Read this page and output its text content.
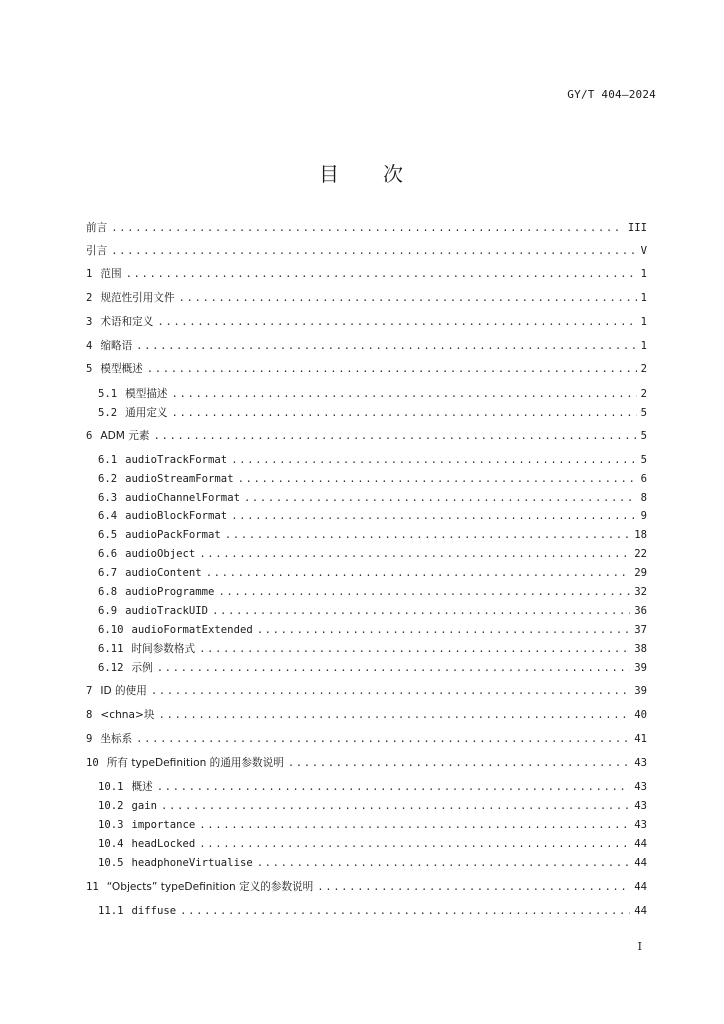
GY/T 404—2024
目 次
前言 .....	III
引言 .....	V
1 范围 .....	1
2 规范性引用文件 .....	1
3 术语和定义 .....	1
4 缩略语 .....	1
5 模型概述 .....	2
5.1 模型描述 .....	2
5.2 通用定义 .....	5
6 ADM 元素 .....	5
6.1 audioTrackFormat .....	5
6.2 audioStreamFormat .....	6
6.3 audioChannelFormat .....	8
6.4 audioBlockFormat .....	9
6.5 audioPackFormat .....	18
6.6 audioObject .....	22
6.7 audioContent .....	29
6.8 audioProgramme .....	32
6.9 audioTrackUID .....	36
6.10 audioFormatExtended .....	37
6.11 时间参数格式 .....	38
6.12 示例 .....	39
7 ID 的使用 .....	39
8 <chna>块 .....	40
9 坐标系 .....	41
10 所有 typeDefinition 的通用参数说明 .....	43
10.1 概述 .....	43
10.2 gain .....	43
10.3 importance .....	43
10.4 headLocked .....	44
10.5 headphoneVirtualise .....	44
11 “Objects” typeDefinition 定义的参数说明 .....	44
11.1 diffuse .....	44
I
